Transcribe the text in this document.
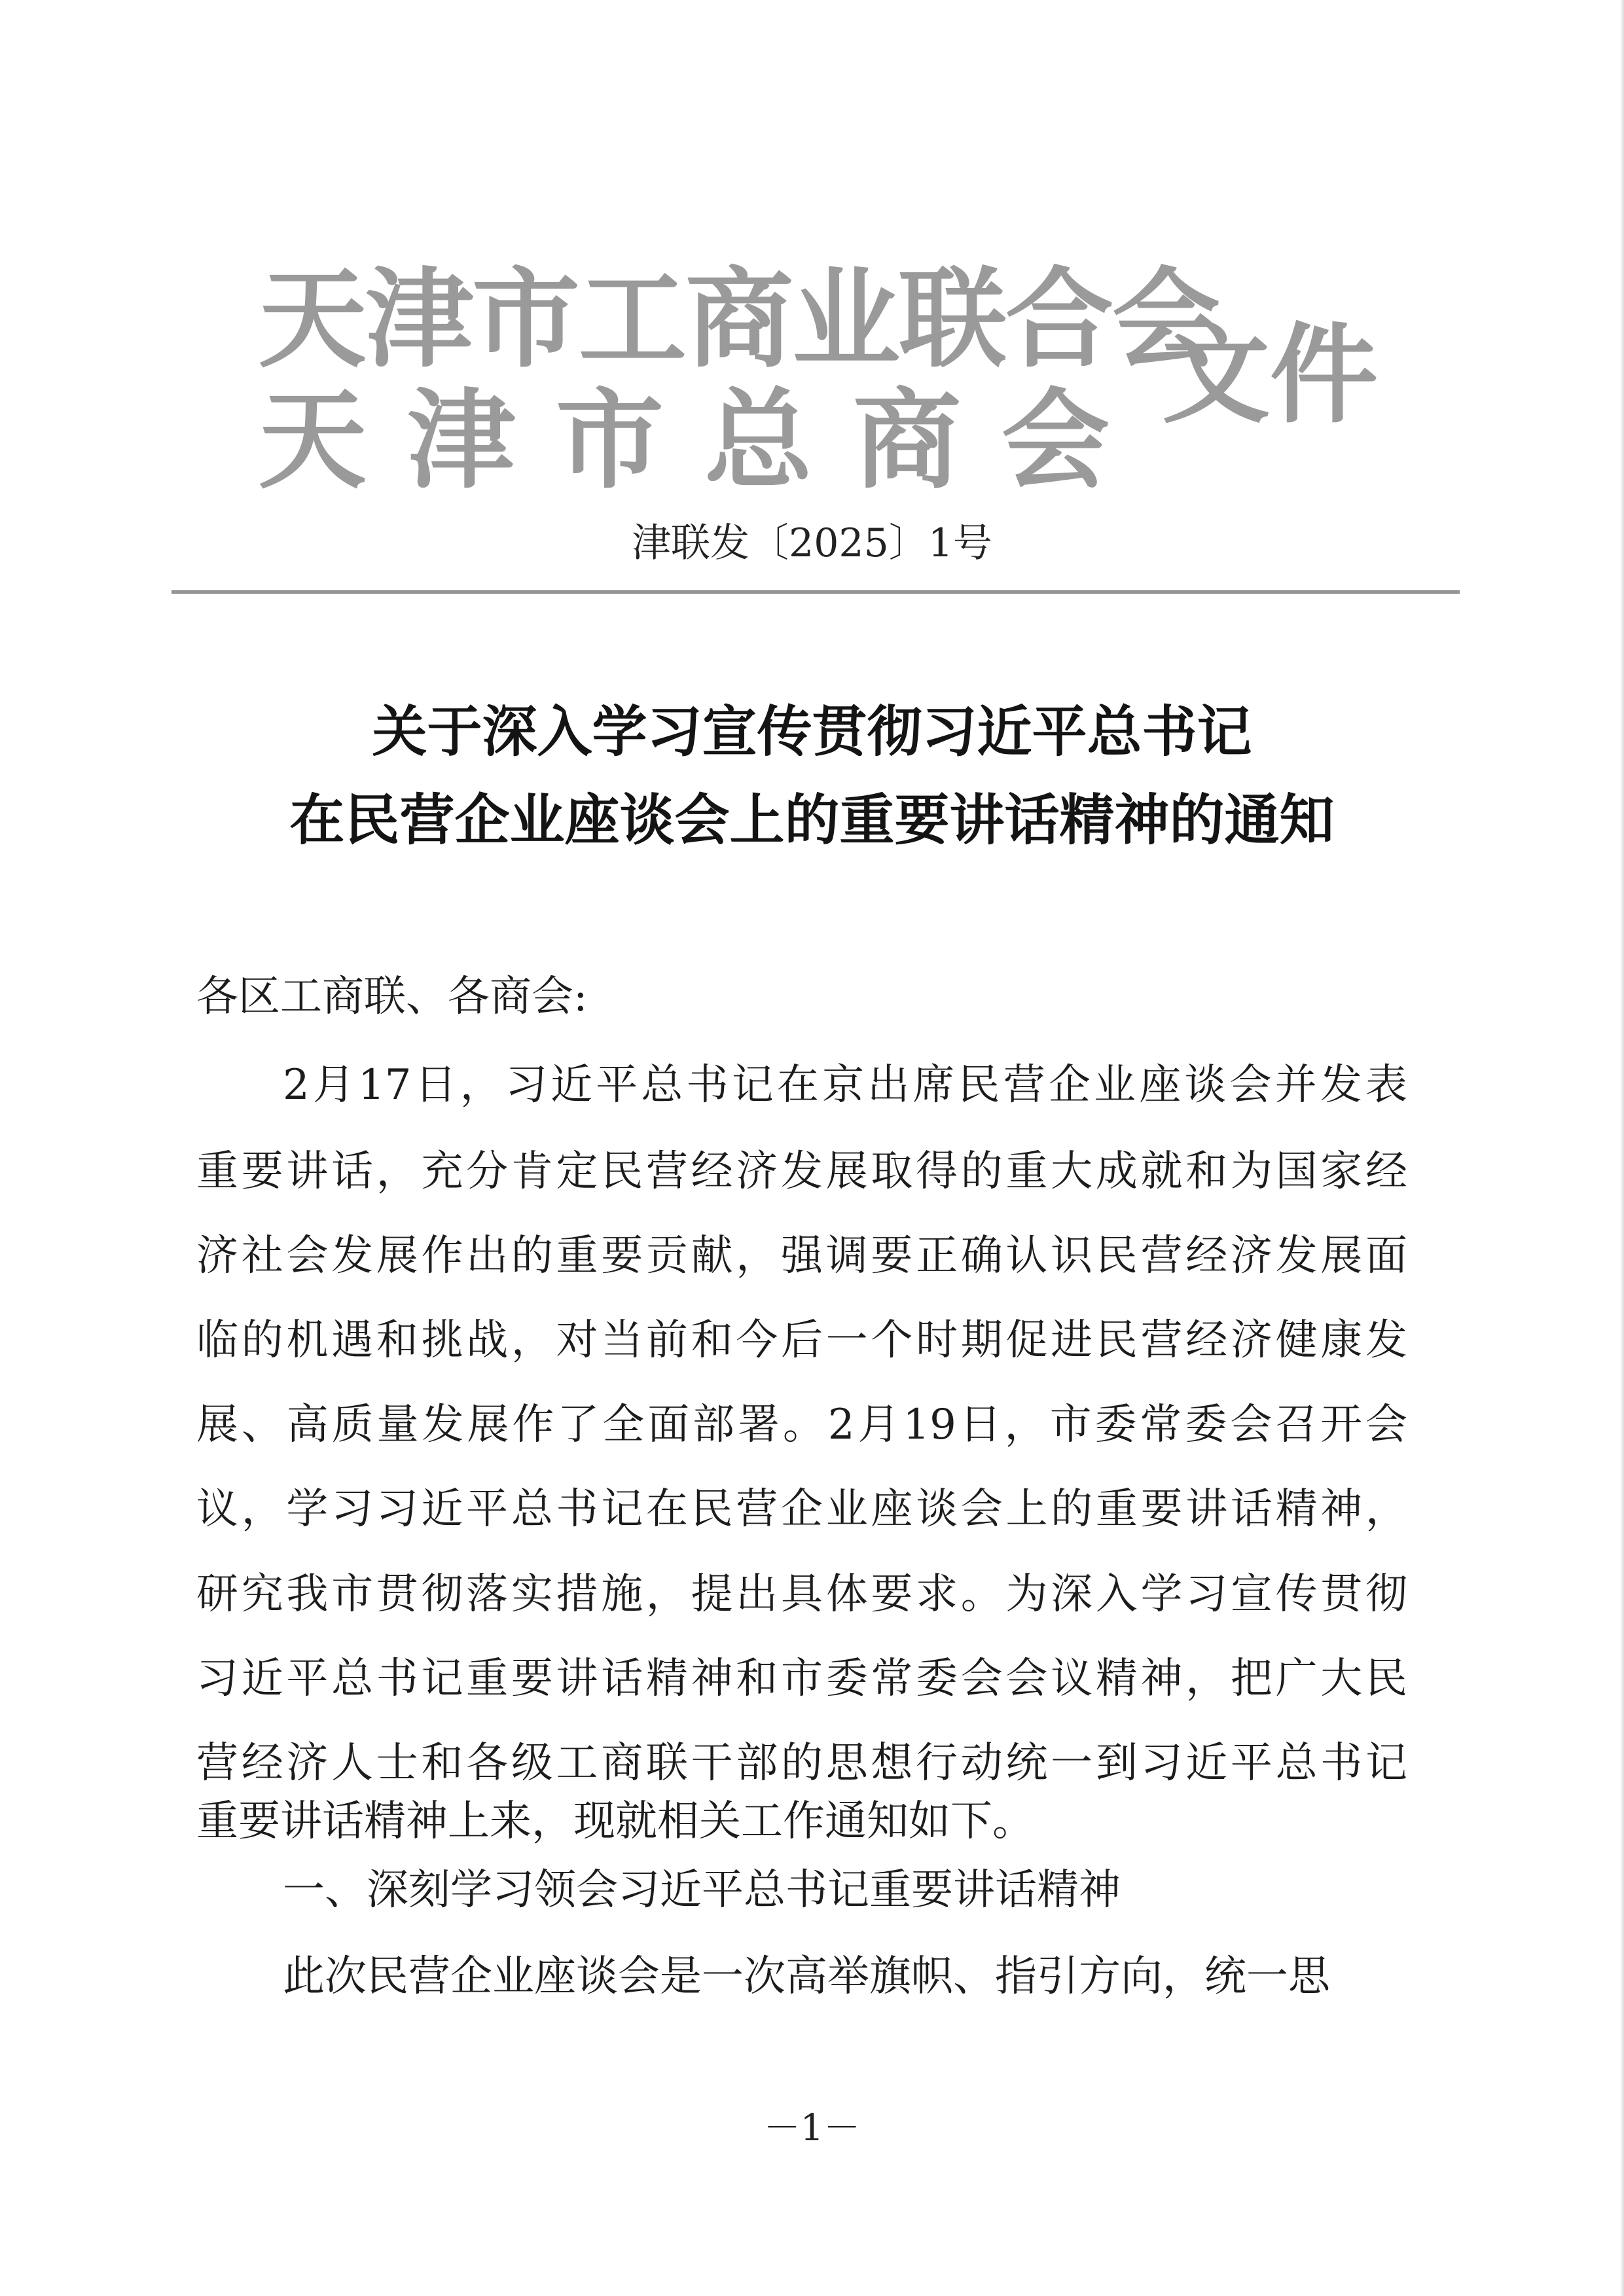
天津市工商业联合会
天津市总商会
文件
津联发〔2025〕1号
关于深入学习宣传贯彻习近平总书记
在民营企业座谈会上的重要讲话精神的通知
各区工商联、各商会:
2月17日，习近平总书记在京出席民营企业座谈会并发表
重要讲话，充分肯定民营经济发展取得的重大成就和为国家经
济社会发展作出的重要贡献，强调要正确认识民营经济发展面
临的机遇和挑战，对当前和今后一个时期促进民营经济健康发
展、高质量发展作了全面部署。2月19日，市委常委会召开会
议，学习习近平总书记在民营企业座谈会上的重要讲话精神，
研究我市贯彻落实措施，提出具体要求。为深入学习宣传贯彻
习近平总书记重要讲话精神和市委常委会会议精神，把广大民
营经济人士和各级工商联干部的思想行动统一到习近平总书记
重要讲话精神上来，现就相关工作通知如下。
一、深刻学习领会习近平总书记重要讲话精神
此次民营企业座谈会是一次高举旗帜、指引方向，统一思
－1－
